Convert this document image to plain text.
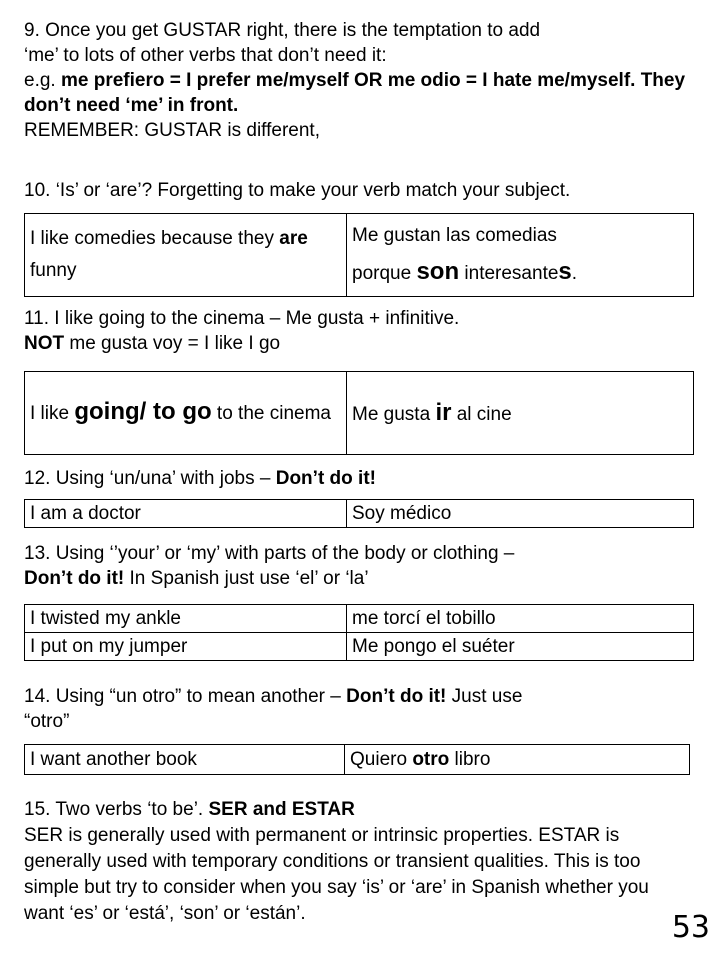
9. Once you get GUSTAR right, there is the temptation to add
‘me’ to lots of other verbs that don’t need it:
e.g. me prefiero = I prefer me/myself OR me odio = I hate me/myself. They don’t need ‘me’ in front.
REMEMBER: GUSTAR is different,
10. ‘Is’ or ‘are’? Forgetting to make your verb match your subject.
I like comedies because they are funny	Me gustan las comedias
porque son interesantes.
11. I like going to the cinema – Me gusta + infinitive.
NOT me gusta voy = I like I go
I like going/ to go to the cinema	Me gusta ir al cine
12. Using ‘un/una’ with jobs – Don’t do it!
I am a doctor	Soy médico
13. Using ‘’your’ or ‘my’ with parts of the body or clothing –
Don’t do it! In Spanish just use ‘el’ or ‘la’
I twisted my ankle	me torcí el tobillo
I put on my jumper	Me pongo el suéter
14. Using “un otro” to mean another – Don’t do it! Just use
“otro”
I want another book	Quiero otro libro
15. Two verbs ‘to be’. SER and ESTAR
SER is generally used with permanent or intrinsic properties. ESTAR is generally used with temporary conditions or transient qualities. This is too simple but try to consider when you say ‘is’ or ‘are’ in Spanish whether you want ‘es’ or ‘está’, ‘son’ or ‘están’.	53
